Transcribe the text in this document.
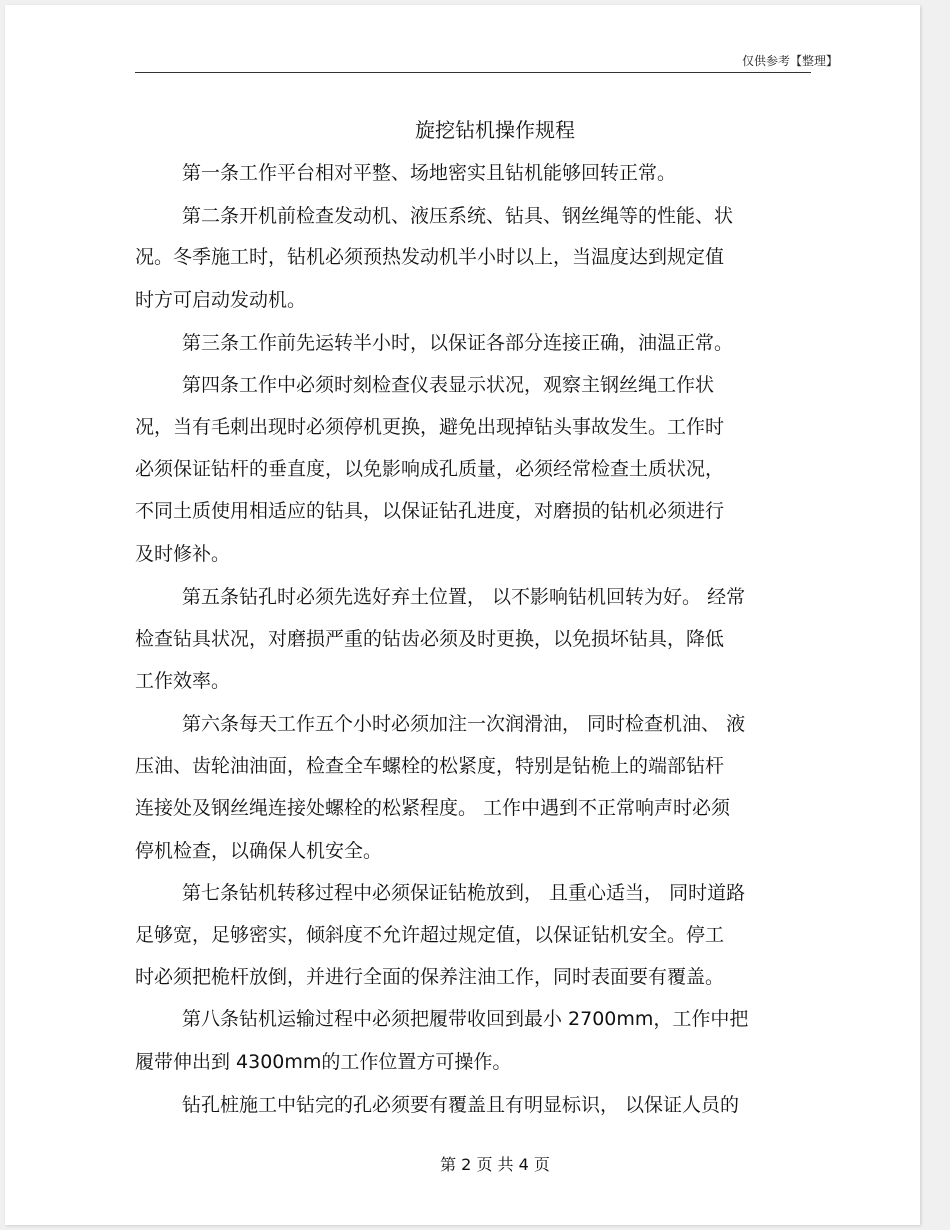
仅供参考【整理】
旋挖钻机操作规程
第一条工作平台相对平整、场地密实且钻机能够回转正常。
第二条开机前检查发动机、液压系统、钻具、钢丝绳等的性能、状
况。冬季施工时，钻机必须预热发动机半小时以上，当温度达到规定值
时方可启动发动机。
第三条工作前先运转半小时，以保证各部分连接正确，油温正常。
第四条工作中必须时刻检查仪表显示状况，观察主钢丝绳工作状
况，当有毛刺出现时必须停机更换，避免出现掉钻头事故发生。工作时
必须保证钻杆的垂直度，以免影响成孔质量，必须经常检查土质状况，
不同土质使用相适应的钻具，以保证钻孔进度，对磨损的钻机必须进行
及时修补。
第五条钻孔时必须先选好弃土位置， 以不影响钻机回转为好。 经常
检查钻具状况，对磨损严重的钻齿必须及时更换，以免损坏钻具，降低
工作效率。
第六条每天工作五个小时必须加注一次润滑油， 同时检查机油、 液
压油、齿轮油油面，检查全车螺栓的松紧度，特别是钻桅上的端部钻杆
连接处及钢丝绳连接处螺栓的松紧程度。 工作中遇到不正常响声时必须
停机检查，以确保人机安全。
第七条钻机转移过程中必须保证钻桅放到， 且重心适当， 同时道路
足够宽，足够密实，倾斜度不允许超过规定值，以保证钻机安全。停工
时必须把桅杆放倒，并进行全面的保养注油工作，同时表面要有覆盖。
第八条钻机运输过程中必须把履带收回到最小 2700mm，工作中把
履带伸出到 4300mm的工作位置方可操作。
钻孔桩施工中钻完的孔必须要有覆盖且有明显标识， 以保证人员的
第 2 页 共 4 页
